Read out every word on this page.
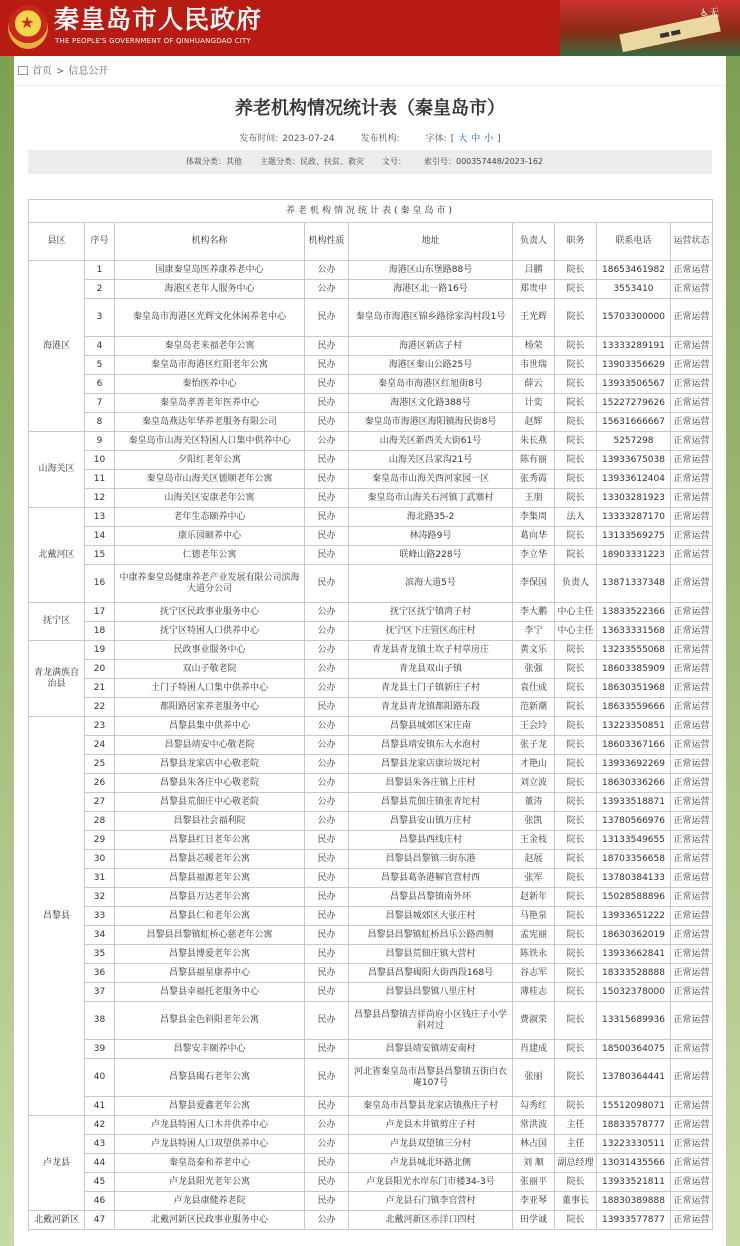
★ 秦皇岛市人民政府
THE PEOPLE'S GOVERNMENT OF QINHUANGDAO CITY	▬▬
♿无
首页 > 信息公开
养老机构情况统计表（秦皇岛市）
发布时间: 2023-07-24	发布机构:	字体: [ 大 中 小 ]
体裁分类：其他 主题分类：民政、扶贫、救灾 文号： 索引号：000357448/2023-162
养老机构情况统计表(秦皇岛市)								
县区	序号	机构名称	机构性质	地址	负责人	职务	联系电话	运营状态
海港区	1	国康秦皇岛医养康养老中心	公办	海港区山东堡路88号	吕鹏	院长	18653461982	正常运营
	2	海港区老年人服务中心	公办	海港区北一路16号	郑贵中	院长	3553410	正常运营
	3	秦皇岛市海港区光辉文化休闲养老中心	民办	秦皇岛市海港区锦乡路徐家沟村段1号	王光辉	院长	15703300000	正常运营
	4	秦皇岛老来福老年公寓	民办	海港区新店子村	杨荣	院长	13333289191	正常运营
	5	秦皇岛市海港区红阳老年公寓	民办	海港区秦山公路25号	韦世瑞	院长	13903356629	正常运营
	6	秦怡医养中心	民办	秦皇岛市海港区红旭街8号	薛云	院长	13933506567	正常运营
	7	秦皇岛孝善老年医养中心	民办	海港区文化路388号	计奕	院长	15227279626	正常运营
	8	秦皇岛燕达年华养老服务有限公司	民办	秦皇岛市海港区海阳镇海民街8号	赵辉	院长	15631666667	正常运营
山海关区	9	秦皇岛市山海关区特困人口集中供养中心	公办	山海关区新西关大街61号	朱长燕	院长	5257298	正常运营
	10	夕阳红老年公寓	民办	山海关区吕家沟21号	陈有丽	院长	13933675038	正常运营
	11	秦皇岛市山海关区德顺老年公寓	民办	秦皇岛市山海关西河家园一区	张秀霞	院长	13933612404	正常运营
	12	山海关区安康老年公寓	民办	秦皇岛市山海关石河镇丁武寨村	王朋	院长	13303281923	正常运营
北戴河区	13	老年生态颐养中心	民办	海北路35-2	李集周	法人	13333287170	正常运营
	14	康乐园颐养中心	民办	林涛路9号	葛向华	院长	13133569275	正常运营
	15	仁德老年公寓	民办	联峰山路228号	李立华	院长	18903331223	正常运营
	16	中康养秦皇岛健康养老产业发展有限公司滨海大道分公司	民办	滨海大道5号	李保国	负责人	13871337348	正常运营
抚宁区	17	抚宁区民政事业服务中心	公办	抚宁区抚宁镇湾子村	李大鹏	中心主任	13833522366	正常运营
	18	抚宁区特困人口供养中心	公办	抚宁区下庄管区高庄村	李宁	中心主任	13633331568	正常运营
青龙满族自治县	19	民政事业服务中心	公办	青龙县青龙镇土坎子村草房庄	黄文乐	院长	13233555068	正常运营
	20	双山子敬老院	公办	青龙县双山子镇	张强	院长	18603385909	正常运营
	21	土门子特困人口集中供养中心	公办	青龙县土门子镇新庄子村	袁仕成	院长	18630351968	正常运营
	22	都阳路居家养老服务中心	民办	青龙县青龙镇都阳路东段	范新潮	院长	18633559666	正常运营
昌黎县	23	昌黎县集中供养中心	公办	昌黎县城郊区宋庄南	王会玲	院长	13223350851	正常运营
	24	昌黎县靖安中心敬老院	公办	昌黎县靖安镇东大水泡村	张子龙	院长	18603367166	正常运营
	25	昌黎县龙家店中心敬老院	公办	昌黎县龙家店康垃圾坨村	才艳山	院长	13933692269	正常运营
	26	昌黎县朱各庄中心敬老院	公办	昌黎县朱各庄镇上庄村	刘立波	院长	18630336266	正常运营
	27	昌黎县荒佃庄中心敬老院	公办	昌黎县荒佃庄镇张青坨村	董涛	院长	13933518871	正常运营
	28	昌黎县社会福利院	公办	昌黎县安山镇万庄村	张凯	院长	13780566976	正常运营
	29	昌黎县红日老年公寓	民办	昌黎县西线庄村	王金枝	院长	13133549655	正常运营
	30	昌黎县芯暖老年公寓	民办	昌黎县昌黎镇三街东港	赵展	院长	18703356658	正常运营
	31	昌黎县福源老年公寓	民办	昌黎县葛条港解官营村西	张军	院长	13780384133	正常运营
	32	昌黎县万达老年公寓	民办	昌黎县昌黎镇南外环	赵新年	院长	15028588896	正常运营
	33	昌黎县仁和老年公寓	民办	昌黎县城郊区大张庄村	马艳泉	院长	13933651222	正常运营
	34	昌黎县昌黎镇虹桥心慈老年公寓	民办	昌黎县昌黎镇虹桥昌乐公路西侧	孟宪丽	院长	18630362019	正常运营
	35	昌黎县博爱老年公寓	民办	昌黎县荒佃庄镇大营村	陈铁永	院长	13933662841	正常运营
	36	昌黎县福星康养中心	民办	昌黎县昌黎碣阳大街西段168号	谷志军	院长	18333528888	正常运营
	37	昌黎县幸福托老服务中心	民办	昌黎县昌黎镇八里庄村	薄桂志	院长	15032378000	正常运营
	38	昌黎县金色斜阳老年公寓	民办	昌黎县昌黎镇吉祥尚府小区钱庄子小学斜对过	费淑荣	院长	13315689936	正常运营
	39	昌黎安丰颐养中心	民办	昌黎县靖安镇靖安南村	肖建成	院长	18500364075	正常运营
	40	昌黎县碣石老年公寓	民办	河北省秦皇岛市昌黎县昌黎镇五街白衣庵107号	张丽	院长	13780364441	正常运营
	41	昌黎县爱鑫老年公寓	民办	秦皇岛市昌黎县龙家店镇燕庄子村	勾秀红	院长	15512098071	正常运营
卢龙县	42	卢龙县特困人口木井供养中心	公办	卢龙县木井镇剪庄子村	常洪波	主任	18833578777	正常运营
	43	卢龙县特困人口双望供养中心	公办	卢龙县双望镇三分村	林占国	主任	13223330511	正常运营
	44	秦皇岛泰和养老中心	民办	卢龙县城北环路北侧	刘 顺	副总经理	13031435566	正常运营
	45	卢龙县阳光老年公寓	民办	卢龙县阳光水岸东门市楼34-3号	张丽平	院长	13933521811	正常运营
	46	卢龙县康健养老院	民办	卢龙县石门镇李官营村	李亚琴	董事长	18830389888	正常运营
北戴河新区	47	北戴河新区民政事业服务中心	公办	北戴河新区赤洋口四村	田学诚	院长	13933577877	正常运营
